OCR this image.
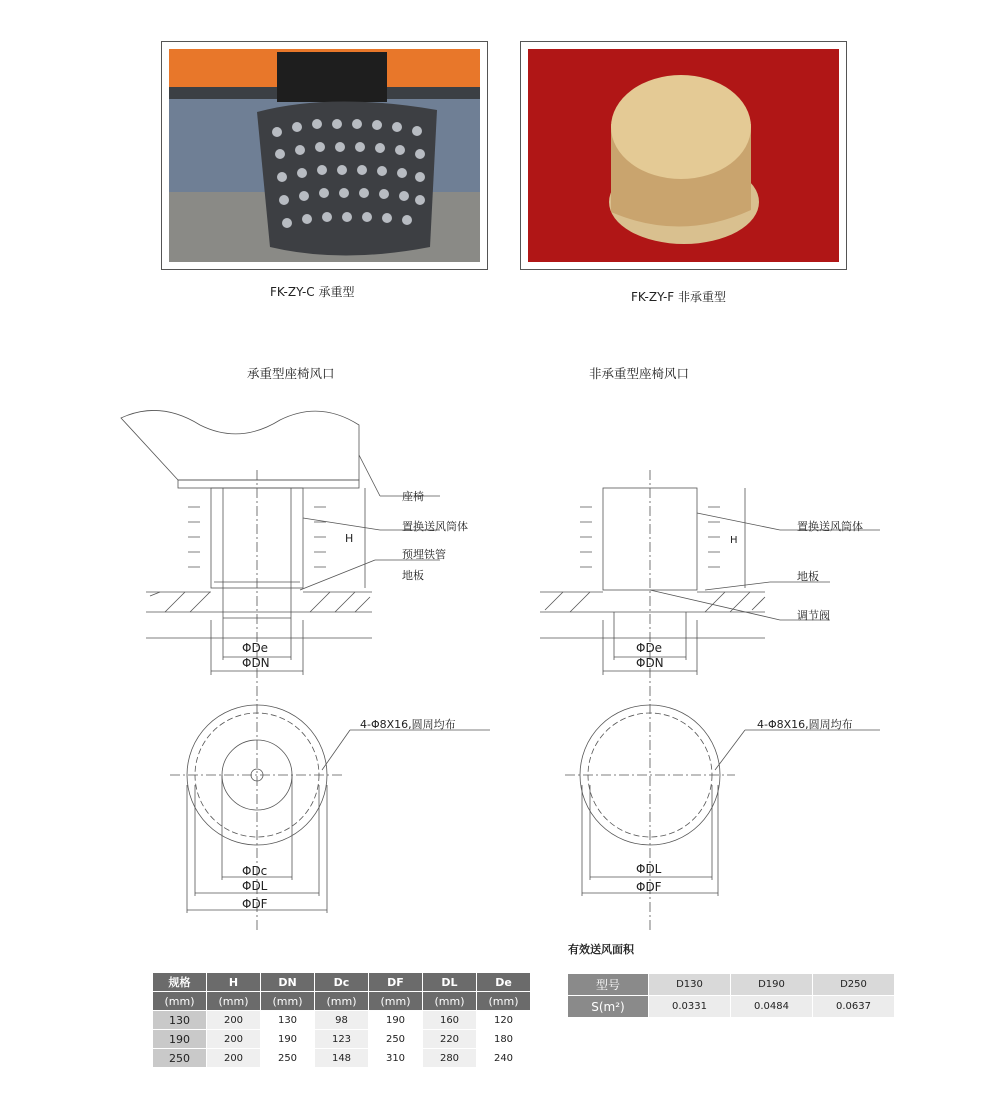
FK-ZY-C 承重型	FK-ZY-F 非承重型
承重型座椅风口	非承重型座椅风口
座椅
置换送风筒体
预埋铁管
地板
H
ΦDe
ΦDN
ΦDc
ΦDL
ΦDF
4-Φ8X16,圆周均布
置换送风筒体
H
地板
调节阀
ΦDe
ΦDN
ΦDL
ΦDF
4-Φ8X16,圆周均布
规格	H	DN	Dc	DF	DL	De
(mm)	(mm)	(mm)	(mm)	(mm)	(mm)	(mm)
130	200	130	98	190	160	120
190	200	190	123	250	220	180
250	200	250	148	310	280	240
有效送风面积
型号	D130	D190	D250
S(m²)	0.0331	0.0484	0.0637
